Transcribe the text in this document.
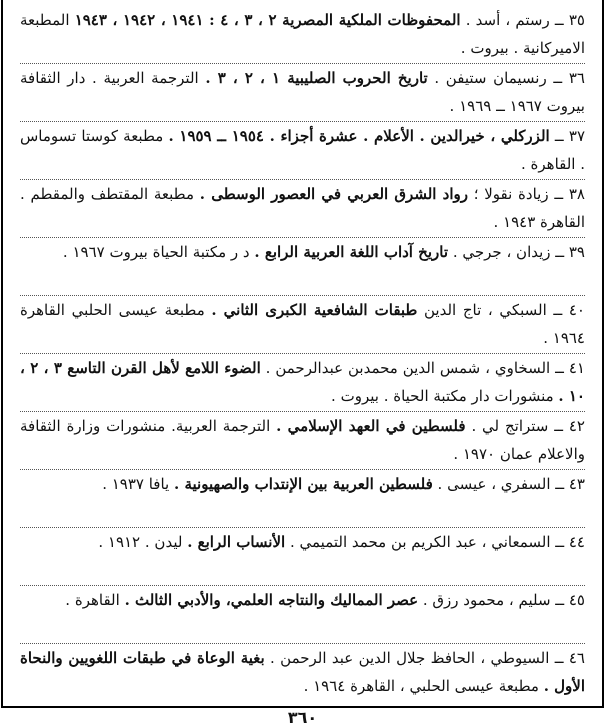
٣٥ ــ رستم ، أسد . المحفوظات الملكية المصرية ٢ ، ٣ ، ٤ : ١٩٤١ ، ١٩٤٢ ، ١٩٤٣ المطبعة الاميركانية . بيروت .
٣٦ ــ رنسيمان ستيفن . تاريخ الحروب الصليبية ١ ، ٢ ، ٣ . الترجمة العربية . دار الثقافة بيروت ١٩٦٧ ــ ١٩٦٩ .
٣٧ ــ الزركلي ، خيرالدين . الأعلام . عشرة أجزاء . ١٩٥٤ ــ ١٩٥٩ . مطبعة كوستا تسوماس . القاهرة .
٣٨ ــ زيادة نقولا ؛ رواد الشرق العربي في العصور الوسطى . مطبعة المقتطف والمقطم . القاهرة ١٩٤٣ .
٣٩ ــ زيدان ، جرجي . تاريخ آداب اللغة العربية الرابع . د ر مكتبة الحياة بيروت ١٩٦٧ .
٤٠ ــ السبكي ، تاج الدين طبقات الشافعية الكبرى الثاني . مطبعة عيسى الحلبي القاهرة ١٩٦٤ .
٤١ ــ السخاوي ، شمس الدين محمدبن عبدالرحمن . الضوء اللامع لأهل القرن التاسع ٣ ، ٢ ، ١٠ . منشورات دار مكتبة الحياة . بيروت .
٤٢ ــ ستراتج لي . فلسطين في العهد الإسلامي . الترجمة العربية. منشورات وزارة الثقافة والاعلام عمان ١٩٧٠ .
٤٣ ــ السفري ، عيسى . فلسطين العربية بين الإنتداب والصهيونية . يافا ١٩٣٧ .
٤٤ ــ السمعاني ، عبد الكريم بن محمد التميمي . الأنساب الرابع . ليدن . ١٩١٢ .
٤٥ ــ سليم ، محمود رزق . عصر المماليك والنتاجه العلمي، والأدبي الثالث . القاهرة .
٤٦ ــ السيوطي ، الحافظ جلال الدين عبد الرحمن . بغية الوعاة في طبقات اللغويين والنحاة الأول . مطبعة عيسى الحلبي ، القاهرة ١٩٦٤ .
٣٦٠
